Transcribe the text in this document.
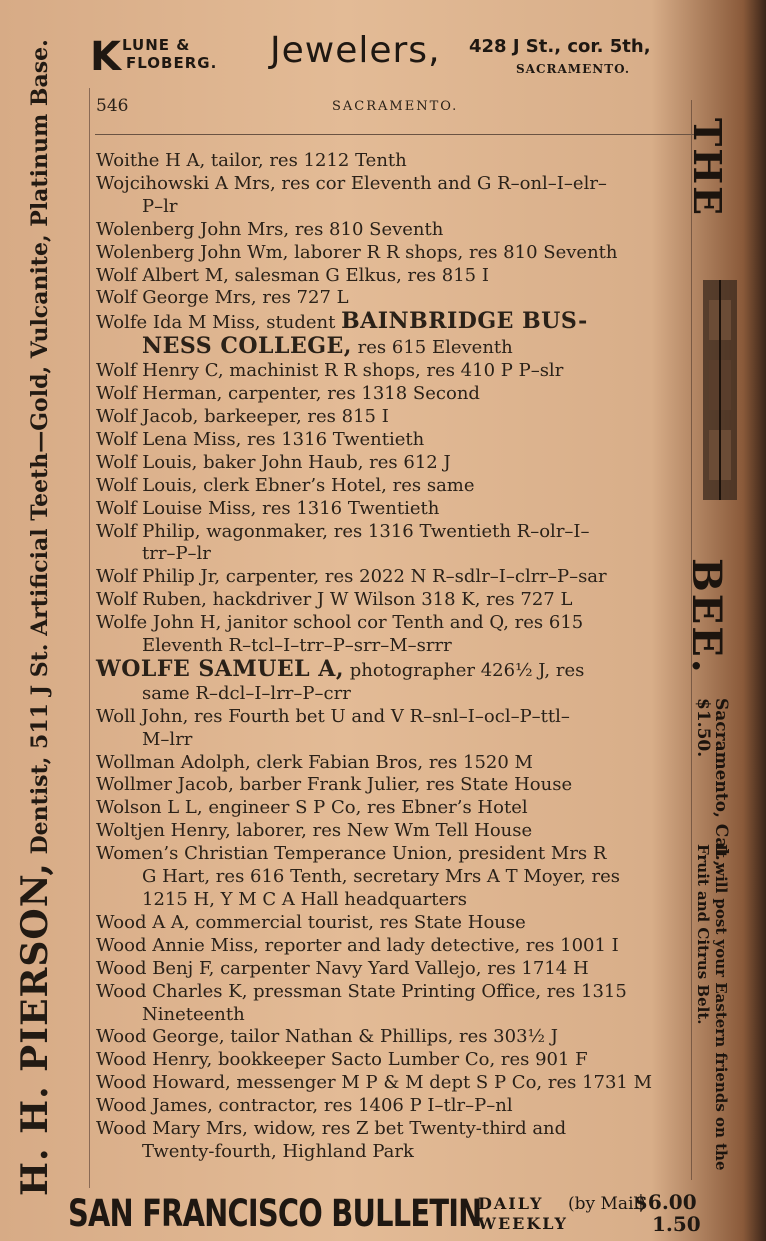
K LUNE &
FLOBERG. Jewelers, 428 J St., cor. 5th,
SACRAMENTO.
546	SACRAMENTO.
Woithe H A, tailor, res 1212 Tenth
Wojcihowski A Mrs, res cor Eleventh and G R–onl–I–elr–
P–lr
Wolenberg John Mrs, res 810 Seventh
Wolenberg John Wm, laborer R R shops, res 810 Seventh
Wolf Albert M, salesman G Elkus, res 815 I
Wolf George Mrs, res 727 L
Wolfe Ida M Miss, student BAINBRIDGE BUS-
NESS COLLEGE, res 615 Eleventh
Wolf Henry C, machinist R R shops, res 410 P P–slr
Wolf Herman, carpenter, res 1318 Second
Wolf Jacob, barkeeper, res 815 I
Wolf Lena Miss, res 1316 Twentieth
Wolf Louis, baker John Haub, res 612 J
Wolf Louis, clerk Ebner’s Hotel, res same
Wolf Louise Miss, res 1316 Twentieth
Wolf Philip, wagonmaker, res 1316 Twentieth R–olr–I–
trr–P–lr
Wolf Philip Jr, carpenter, res 2022 N R–sdlr–I–clrr–P–sar
Wolf Ruben, hackdriver J W Wilson 318 K, res 727 L
Wolfe John H, janitor school cor Tenth and Q, res 615
Eleventh R–tcl–I–trr–P–srr–M–srrr
WOLFE SAMUEL A, photographer 426½ J, res
same R–dcl–I–lrr–P–crr
Woll John, res Fourth bet U and V R–snl–I–ocl–P–ttl–
M–lrr
Wollman Adolph, clerk Fabian Bros, res 1520 M
Wollmer Jacob, barber Frank Julier, res State House
Wolson L L, engineer S P Co, res Ebner’s Hotel
Woltjen Henry, laborer, res New Wm Tell House
Women’s Christian Temperance Union, president Mrs R
G Hart, res 616 Tenth, secretary Mrs A T Moyer, res
1215 H, Y M C A Hall headquarters
Wood A A, commercial tourist, res State House
Wood Annie Miss, reporter and lady detective, res 1001 I
Wood Benj F, carpenter Navy Yard Vallejo, res 1714 H
Wood Charles K, pressman State Printing Office, res 1315
Nineteenth
Wood George, tailor Nathan & Phillips, res 303½ J
Wood Henry, bookkeeper Sacto Lumber Co, res 901 F
Wood Howard, messenger M P & M dept S P Co, res 1731 M
Wood James, contractor, res 1406 P I–tlr–P–nl
Wood Mary Mrs, widow, res Z bet Twenty-third and
Twenty-fourth, Highland Park
H. H. PIERSON, Dentist, 511 J St. Artificial Teeth—Gold, Vulcanite, Platinum Base.	THE
BEE.
Sacramento, Cal., $1.50.
It will post your Eastern friends on the Fruit and Citrus Belt.
SAN FRANCISCO BULLETIN
DAILY
WEEKLY
(by Mail)
$6.00
1.50
